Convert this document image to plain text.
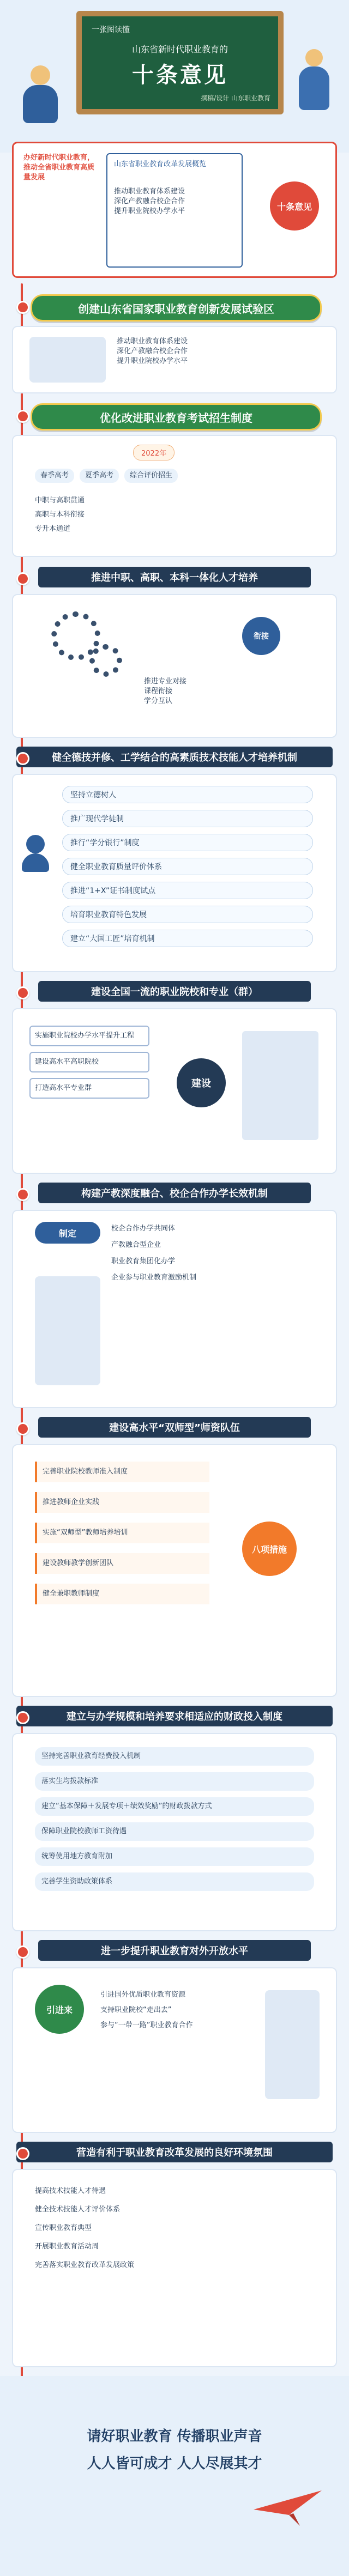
一张图读懂
山东省新时代职业教育的
十条意见
撰稿/设计 山东职业教育
办好新时代职业教育，推动全省职业教育高质量发展
山东省职业教育改革发展概览
推动职业教育体系建设
深化产教融合校企合作
提升职业院校办学水平	十条意见
创建山东省国家职业教育创新发展试验区
推动职业教育体系建设
深化产教融合校企合作
提升职业院校办学水平
优化改进职业教育考试招生制度
2022年
春季高考	夏季高考	综合评价招生
中职与高职贯通
高职与本科衔接
专升本通道
推进中职、高职、本科一体化人才培养
衔接
推进专业对接
课程衔接
学分互认
健全德技并修、工学结合的高素质技术技能人才培养机制
坚持立德树人
推广现代学徒制
推行“学分银行”制度
健全职业教育质量评价体系
推进“1+X”证书制度试点
培育职业教育特色发展
建立“大国工匠”培育机制
建设全国一流的职业院校和专业（群）
实施职业院校办学水平提升工程
建设高水平高职院校
打造高水平专业群	建设
构建产教深度融合、校企合作办学长效机制
制定	校企合作办学共同体
产教融合型企业
职业教育集团化办学
企业参与职业教育激励机制
建设高水平“双师型”师资队伍
完善职业院校教师准入制度
推进教师企业实践
实施“双师型”教师培养培训
建设教师教学创新团队
健全兼职教师制度
八项措施
建立与办学规模和培养要求相适应的财政投入制度
坚持完善职业教育经费投入机制
落实生均拨款标准
建立“基本保障＋发展专项＋绩效奖励”的财政拨款方式
保障职业院校教师工资待遇
统筹使用地方教育附加
完善学生资助政策体系
进一步提升职业教育对外开放水平
引进来
引进国外优质职业教育资源
支持职业院校“走出去”
参与“一带一路”职业教育合作
营造有利于职业教育改革发展的良好环境氛围
提高技术技能人才待遇
健全技术技能人才评价体系
宣传职业教育典型
开展职业教育活动周
完善落实职业教育改革发展政策
请好职业教育 传播职业声音
人人皆可成才 人人尽展其才
